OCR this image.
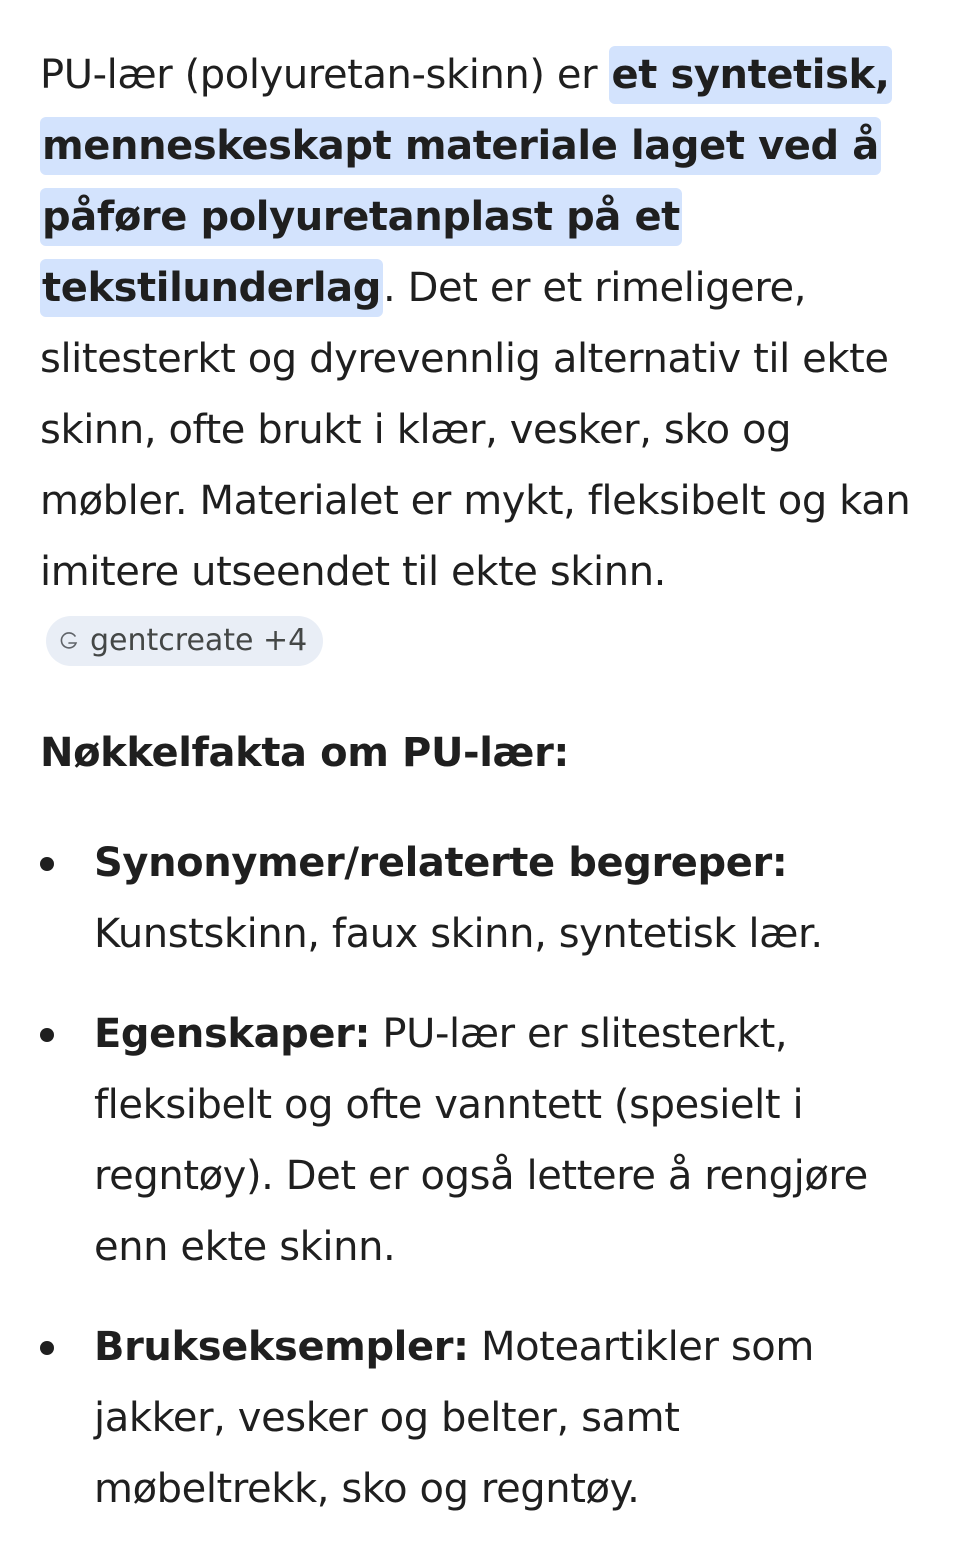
PU-lær (polyuretan-skinn) er et syntetisk, menneskeskapt materiale laget ved å påføre polyuretanplast på et tekstilunderlag. Det er et rimeligere, slitesterkt og dyrevennlig alternativ til ekte skinn, ofte brukt i klær, vesker, sko og møbler. Materialet er mykt, fleksibelt og kan imitere utseendet til ekte skinn.
gentcreate +4

Nøkkelfakta om PU-lær:
Synonymer/relaterte begreper: Kunstskinn, faux skinn, syntetisk lær.
Egenskaper: PU-lær er slitesterkt, fleksibelt og ofte vanntett (spesielt i regntøy). Det er også lettere å rengjøre enn ekte skinn.
Brukseksempler: Moteartikler som jakker, vesker og belter, samt møbeltrekk, sko og regntøy.
